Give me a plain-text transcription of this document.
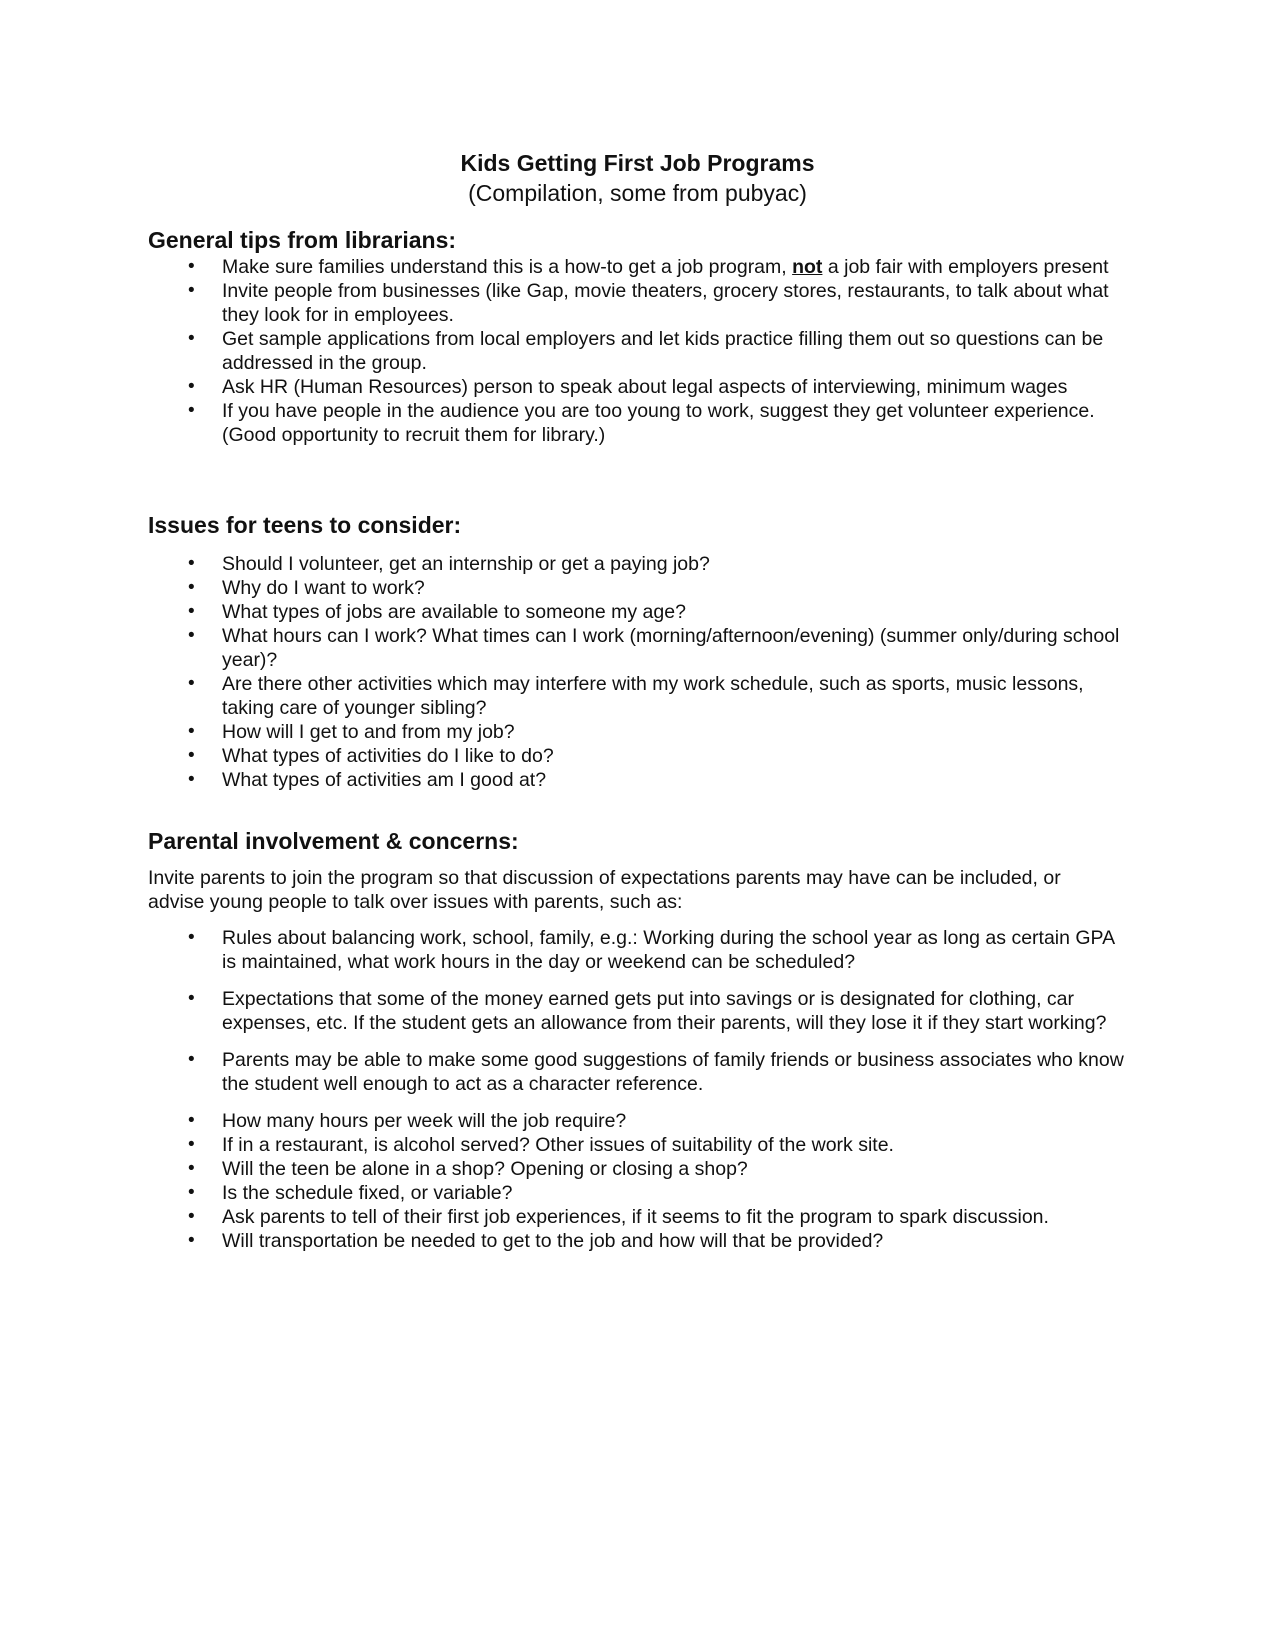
Kids Getting First Job Programs

(Compilation, some from pubyac)

General tips from librarians:
• Make sure families understand this is a how-to get a job program, not a job fair with employers present
• Invite people from businesses (like Gap, movie theaters, grocery stores, restaurants, to talk about what they look for in employees.
• Get sample applications from local employers and let kids practice filling them out so questions can be addressed in the group.
• Ask HR (Human Resources) person to speak about legal aspects of interviewing, minimum wages
• If you have people in the audience you are too young to work, suggest they get volunteer experience. (Good opportunity to recruit them for library.)
Issues for teens to consider:
• Should I volunteer, get an internship or get a paying job?
• Why do I want to work?
• What types of jobs are available to someone my age?
• What hours can I work? What times can I work (morning/afternoon/evening) (summer only/during school year)?
• Are there other activities which may interfere with my work schedule, such as sports, music lessons, taking care of younger sibling?
• How will I get to and from my job?
• What types of activities do I like to do?
• What types of activities am I good at?
Parental involvement & concerns:

Invite parents to join the program so that discussion of expectations parents may have can be included, or advise young people to talk over issues with parents, such as:

• Rules about balancing work, school, family, e.g.: Working during the school year as long as certain GPA is maintained, what work hours in the day or weekend can be scheduled?
• Expectations that some of the money earned gets put into savings or is designated for clothing, car expenses, etc. If the student gets an allowance from their parents, will they lose it if they start working?
• Parents may be able to make some good suggestions of family friends or business associates who know the student well enough to act as a character reference.
• How many hours per week will the job require?
• If in a restaurant, is alcohol served? Other issues of suitability of the work site.
• Will the teen be alone in a shop? Opening or closing a shop?
• Is the schedule fixed, or variable?
• Ask parents to tell of their first job experiences, if it seems to fit the program to spark discussion.
• Will transportation be needed to get to the job and how will that be provided?
